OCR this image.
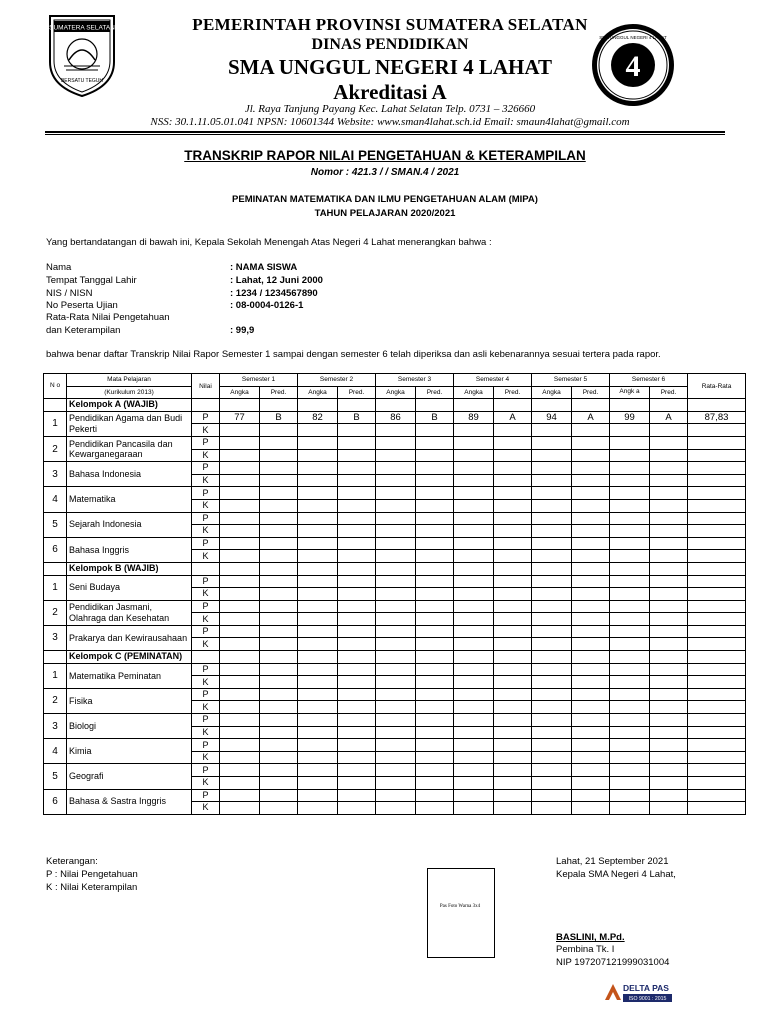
SUMATERA SELATAN
BERSATU TEGUH	4
SMA UNGGUL NEGERI 4 LAHAT
PEMERINTAH PROVINSI SUMATERA SELATAN
DINAS PENDIDIKAN
SMA UNGGUL NEGERI 4 LAHAT
Akreditasi A
Jl. Raya Tanjung Payang Kec. Lahat Selatan Telp. 0731 – 326660
NSS: 30.1.11.05.01.041 NPSN: 10601344 Website: www.sman4lahat.sch.id Email: smaun4lahat@gmail.com
TRANSKRIP RAPOR NILAI PENGETAHUAN & KETERAMPILAN
Nomor : 421.3 / / SMAN.4 / 2021
PEMINATAN MATEMATIKA DAN ILMU PENGETAHUAN ALAM (MIPA)
TAHUN PELAJARAN 2020/2021
Yang bertandatangan di bawah ini, Kepala Sekolah Menengah Atas Negeri 4 Lahat menerangkan bahwa :
Nama	: NAMA SISWA
Tempat Tanggal Lahir	: Lahat, 12 Juni 2000
NIS / NISN	: 1234 / 1234567890
No Peserta Ujian	: 08-0004-0126-1
Rata-Rata Nilai Pengetahuan
dan Keterampilan	: 99,9
bahwa benar daftar Transkrip Nilai Rapor Semester 1 sampai dengan semester 6 telah diperiksa dan asli kebenarannya sesuai tertera pada rapor.
N o	Mata Pelajaran	Nilai	Semester 1		Semester 2		Semester 3		Semester 4		Semester 5		Semester 6		Rata-Rata
	(Kurikulum 2013)		Angka	Pred.	Angka	Pred.	Angka	Pred.	Angka	Pred.	Angka	Pred.	Angk a	Pred.	
	Kelompok A (WAJIB)														
1	Pendidikan Agama dan Budi Pekerti	P	77	B	82	B	86	B	89	A	94	A	99	A	87,83
		K													
2	Pendidikan Pancasila dan Kewarganegaraan	P													
		K													
3	Bahasa Indonesia	P													
		K													
4	Matematika	P													
		K													
5	Sejarah Indonesia	P													
		K													
6	Bahasa Inggris	P													
		K													
	Kelompok B (WAJIB)														
1	Seni Budaya	P													
		K													
2	Pendidikan Jasmani, Olahraga dan Kesehatan	P													
		K													
3	Prakarya dan Kewirausahaan	P													
		K													
	Kelompok C (PEMINATAN)														
1	Matematika Peminatan	P													
		K													
2	Fisika	P													
		K													
3	Biologi	P													
		K													
4	Kimia	P													
		K													
5	Geografi	P													
		K													
6	Bahasa & Sastra Inggris	P													
		K													
Keterangan:
P : Nilai Pengetahuan
K : Nilai Keterampilan
Pas Foto Warna 3x4
Lahat, 21 September 2021
Kepala SMA Negeri 4 Lahat,
BASLINI, M.Pd.
Pembina Tk. I
NIP 197207121999031004
DELTA PAS
ISO 9001 : 2015
